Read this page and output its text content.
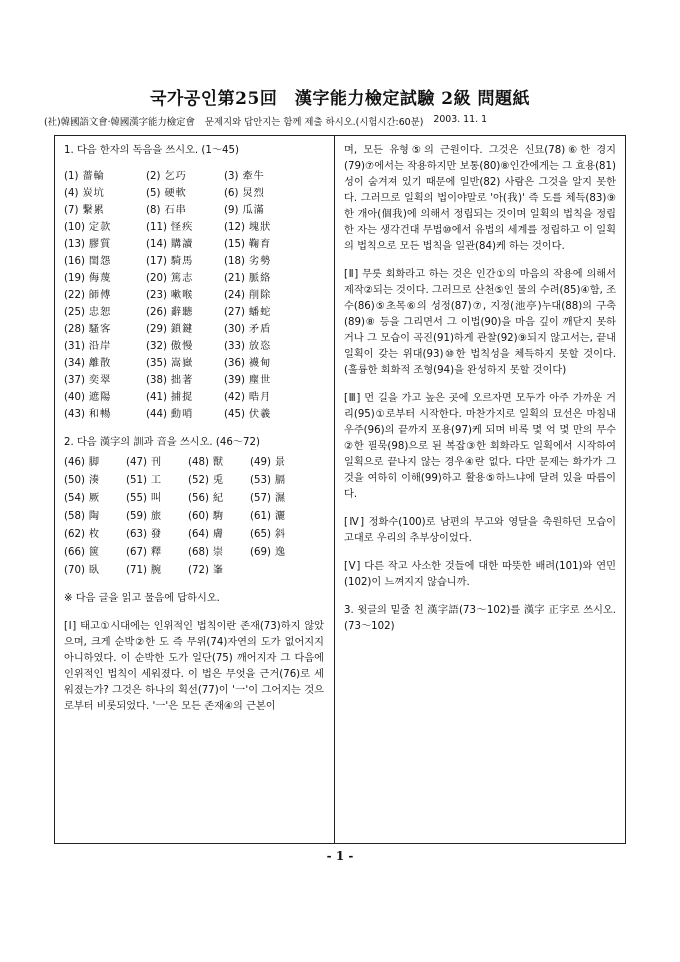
국가공인第25回　漢字能力檢定試驗 2級 問題紙
(社)韓國語文會·韓國漢字能力檢定會 문제지와 답안지는 함께 제출 하시오.(시험시간:60분) 2003. 11. 1
1. 다음 한자의 독음을 쓰시오. (1～45)
(1) 薔輪	(2) 乞巧	(3) 牽牛
(4) 炭坑	(5) 硬軟	(6) 炅烈
(7) 繫累	(8) 石串	(9) 瓜滿
(10) 定款	(11) 怪疾	(12) 塊狀
(13) 膠質	(14) 購讀	(15) 鞠育
(16) 閨怨	(17) 騎馬	(18) 劣勢
(19) 侮蔑	(20) 篤志	(21) 脈絡
(22) 師傅	(23) 嗽喉	(24) 削除
(25) 忠恕	(26) 辭聽	(27) 蟠蛇
(28) 騷客	(29) 鎖鍵	(30) 矛盾
(31) 沿岸	(32) 傲慢	(33) 放恣
(34) 離散	(35) 嵩嶽	(36) 襪甸
(37) 奕翠	(38) 拙著	(39) 塵世
(40) 遮陽	(41) 捕捉	(42) 晧月
(43) 和暢	(44) 動哨	(45) 伏羲
2. 다음 漢字의 訓과 音을 쓰시오. (46～72)
(46) 脚	(47) 刊	(48) 獸	(49) 景
(50) 湊	(51) 工	(52) 兎	(53) 膈
(54) 厥	(55) 叫	(56) 紀	(57) 濕
(58) 陶	(59) 旅	(60) 駒	(61) 灑
(62) 枚	(63) 發	(64) 膚	(65) 斜
(66) 篋	(67) 釋	(68) 崇	(69) 逸
(70) 臥	(71) 腕	(72) 峯
※ 다음 글을 읽고 물음에 답하시오.

[Ⅰ] 태고①시대에는 인위적인 법칙이란 존재(73)하지 않았으며, 크게 순박②한 도 즉 무위(74)자연의 도가 없어지지 아니하였다. 이 순박한 도가 일단(75) 깨어지자 그 다음에 인위적인 법칙이 세워졌다. 이 법은 무엇을 근거(76)로 세워졌는가? 그것은 하나의 획선(77)이 '一'이 그어지는 것으로부터 비롯되었다. '一'은 모든 존재④의 근본이

며, 모든 유형⑤의 근원이다. 그것은 신묘(78)⑥한 경지(79)⑦에서는 작용하지만 보통(80)⑧인간에게는 그 효용(81)성이 숨겨져 있기 때문에 일반(82) 사람은 그것을 알지 못한다. 그러므로 일획의 법이야말로 '아(我)' 즉 도를 체득(83)⑨한 개아(個我)에 의해서 정립되는 것이며 일획의 법칙을 정립한 자는 생각건대 무법⑩에서 유법의 세계를 정립하고 이 일획의 법칙으로 모든 법칙을 일관(84)케 하는 것이다.

[Ⅱ] 무릇 회화라고 하는 것은 인간①의 마음의 작용에 의해서 제작②되는 것이다. 그러므로 산천⑤인 물의 수려(85)④함, 조수(86)⑤초목⑥의 성정(87)⑦, 지정(池亭)누대(88)의 구축(89)⑧ 등을 그리면서 그 이법(90)을 마음 깊이 깨닫지 못하거나 그 모습이 곡진(91)하게 관찰(92)⑨되지 않고서는, 끝내 일획이 갖는 위대(93)⑩한 법칙성을 체득하지 못할 것이다.(훌륭한 회화적 조형(94)을 완성하지 못할 것이다)

[Ⅲ] 먼 길을 가고 높은 곳에 오르자면 모두가 아주 가까운 거리(95)①로부터 시작한다. 마찬가지로 일획의 묘선은 마침내 우주(96)의 끝까지 포용(97)케 되며 비록 몇 억 몇 만의 무수②한 필묵(98)으로 된 복잡③한 회화라도 일획에서 시작하여 일획으로 끝나지 않는 경우④란 없다. 다만 문제는 화가가 그것을 여하히 이해(99)하고 활용⑤하느냐에 달려 있을 따름이다.

[Ⅳ] 정화수(100)로 남편의 무고와 영달을 축원하던 모습이 고대로 우리의 추부상이었다.

[Ⅴ] 다른 작고 사소한 것들에 대한 따뜻한 배려(101)와 연민(102)이 느껴지지 않습니까.

3. 윗글의 밑줄 친 漢字語(73～102)를 漢字 正字로 쓰시오. (73～102)

- 1 -
